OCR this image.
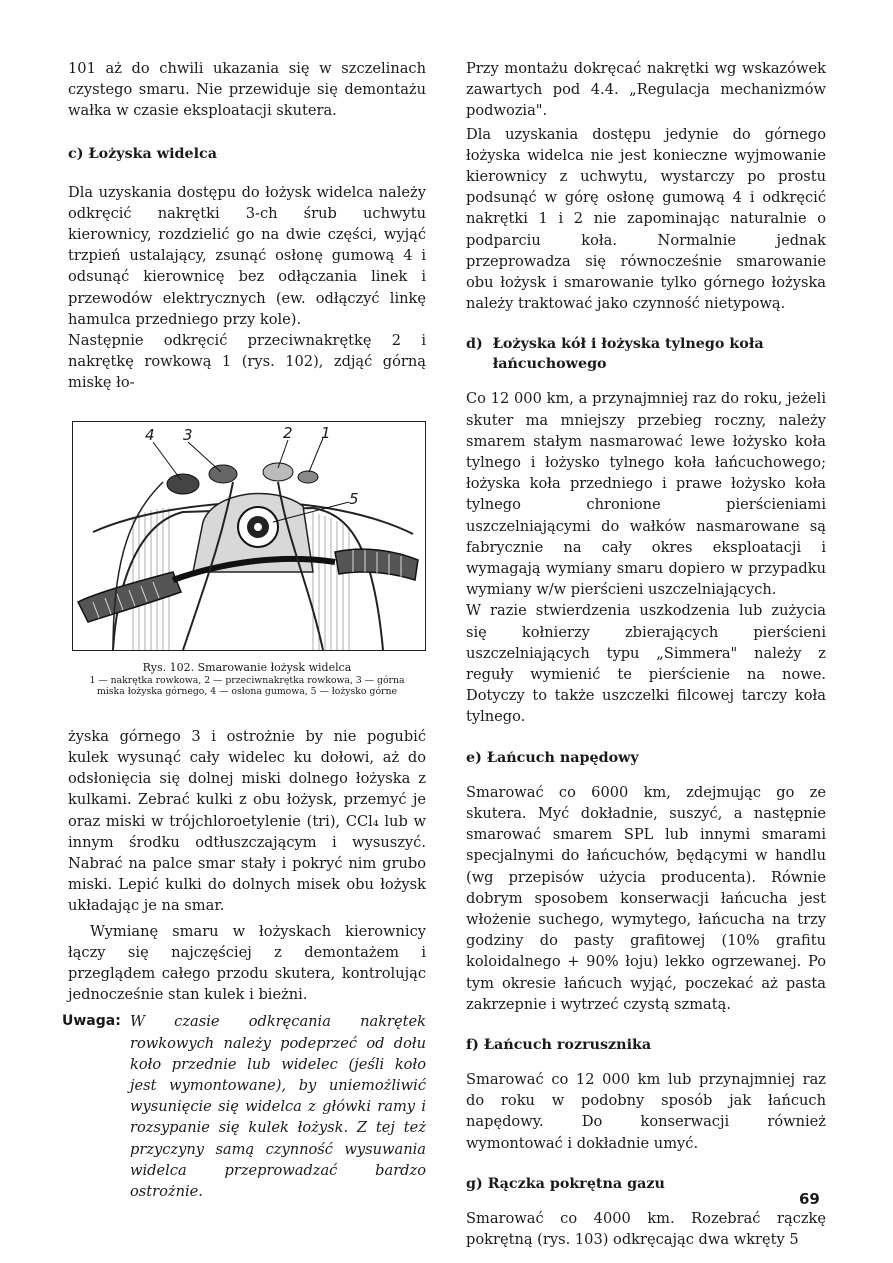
101 aż do chwili ukazania się w szczelinach czystego smaru. Nie przewiduje się demontażu wałka w czasie eksploatacji skutera.

c) Łożyska widelca

Dla uzyskania dostępu do łożysk widelca należy odkręcić nakrętki 3-ch śrub uchwytu kierownicy, rozdzielić go na dwie części, wyjąć trzpień ustalający, zsunąć osłonę gumową 4 i odsunąć kierownicę bez odłączania linek i przewodów elektrycznych (ew. odłączyć linkę hamulca przedniego przy kole).

Następnie odkręcić przeciwnakrętkę 2 i nakrętkę rowkową 1 (rys. 102), zdjąć górną miskę ło-

4 3	2 1
5

Rys. 102. Smarowanie łożysk widelca

1 — nakrętka rowkowa, 2 — przeciwnakrętka rowkowa, 3 — górna miska łożyska górnego, 4 — osłona gumowa, 5 — łożysko górne

żyska górnego 3 i ostrożnie by nie pogubić kulek wysunąć cały widelec ku dołowi, aż do odsłonięcia się dolnej miski dolnego łożyska z kulkami. Zebrać kulki z obu łożysk, przemyć je oraz miski w trójchloroetylenie (tri), CCl₄ lub w innym środku odtłuszczającym i wysuszyć. Nabrać na palce smar stały i pokryć nim grubo miski. Lepić kulki do dolnych misek obu łożysk układając je na smar.

Wymianę smaru w łożyskach kierownicy łączy się najczęściej z demontażem i przeglądem całego przodu skutera, kontrolując jednocześnie stan kulek i bieżni.

Uwaga: W czasie odkręcania nakrętek rowkowych należy podeprzeć od dołu koło przednie lub widelec (jeśli koło jest wymontowane), by uniemożliwić wysunięcie się widelca z główki ramy i rozsypanie się kulek łożysk. Z tej też przyczyny samą czynność wysuwania widelca przeprowadzać bardzo ostrożnie.

Przy montażu dokręcać nakrętki wg wskazówek zawartych pod 4.4. „Regulacja mechanizmów podwozia".

Dla uzyskania dostępu jedynie do górnego łożyska widelca nie jest konieczne wyjmowanie kierownicy z uchwytu, wystarczy po prostu podsunąć w górę osłonę gumową 4 i odkręcić nakrętki 1 i 2 nie zapominając naturalnie o podparciu koła. Normalnie jednak przeprowadza się równocześnie smarowanie obu łożysk i smarowanie tylko górnego łożyska należy traktować jako czynność nietypową.

d) Łożyska kół i łożyska tylnego koła łańcuchowego

Co 12 000 km, a przynajmniej raz do roku, jeżeli skuter ma mniejszy przebieg roczny, należy smarem stałym nasmarować lewe łożysko koła tylnego i łożysko tylnego koła łańcuchowego; łożyska koła przedniego i prawe łożysko koła tylnego chronione pierścieniami uszczelniającymi do wałków nasmarowane są fabrycznie na cały okres eksploatacji i wymagają wymiany smaru dopiero w przypadku wymiany w/w pierścieni uszczelniających.

W razie stwierdzenia uszkodzenia lub zużycia się kołnierzy zbierających pierścieni uszczelniających typu „Simmera" należy z reguły wymienić te pierścienie na nowe. Dotyczy to także uszczelki filcowej tarczy koła tylnego.

e) Łańcuch napędowy

Smarować co 6000 km, zdejmując go ze skutera. Myć dokładnie, suszyć, a następnie smarować smarem SPL lub innymi smarami specjalnymi do łańcuchów, będącymi w handlu (wg przepisów użycia producenta). Równie dobrym sposobem konserwacji łańcucha jest włożenie suchego, wymytego, łańcucha na trzy godziny do pasty grafitowej (10% grafitu koloidalnego + 90% łoju) lekko ogrzewanej. Po tym okresie łańcuch wyjąć, poczekać aż pasta zakrzepnie i wytrzeć czystą szmatą.

f) Łańcuch rozrusznika

Smarować co 12 000 km lub przynajmniej raz do roku w podobny sposób jak łańcuch napędowy. Do konserwacji również wymontować i dokładnie umyć.

g) Rączka pokrętna gazu

Smarować co 4000 km. Rozebrać rączkę pokrętną (rys. 103) odkręcając dwa wkręty 5

69
